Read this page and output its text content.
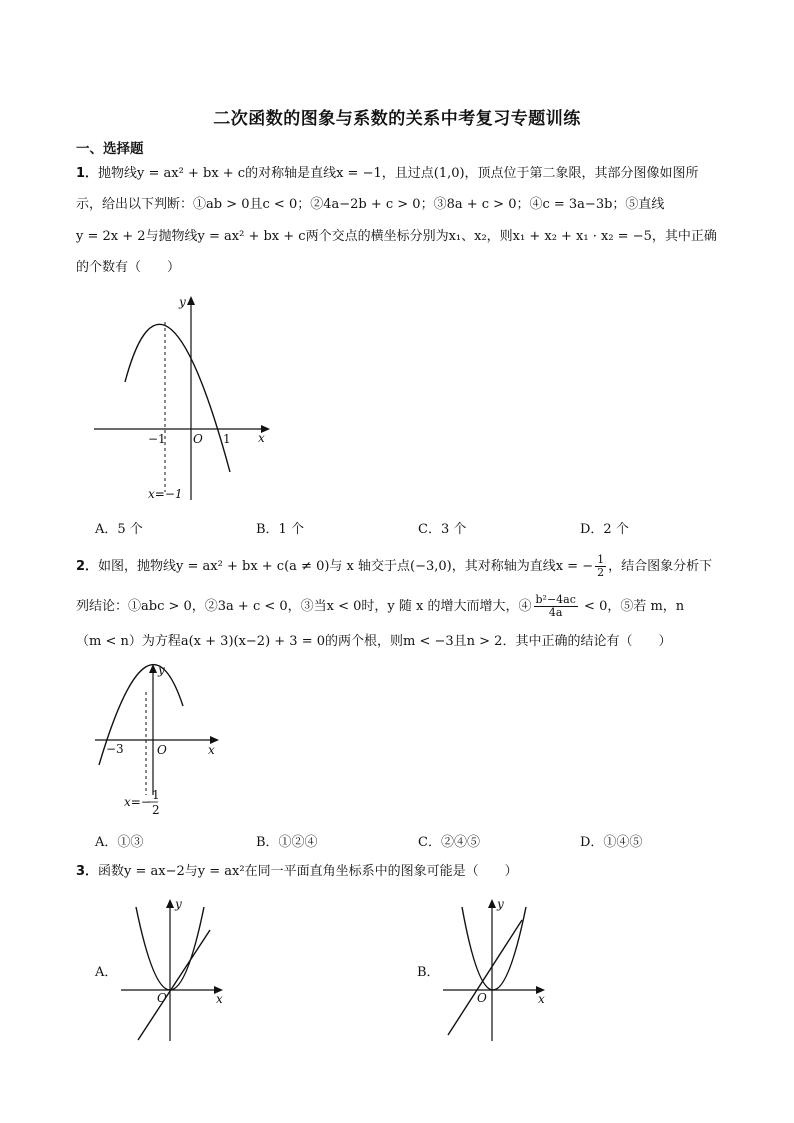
二次函数的图象与系数的关系中考复习专题训练
一、选择题
1．抛物线y = ax² + bx + c的对称轴是直线x = −1，且过点(1,0)，顶点位于第二象限，其部分图像如图所
示，给出以下判断：①ab > 0且c < 0；②4a−2b + c > 0；③8a + c > 0；④c = 3a−3b；⑤直线
y = 2x + 2与抛物线y = ax² + bx + c两个交点的横坐标分别为x₁、x₂，则x₁ + x₂ + x₁ · x₂ = −5，其中正确
的个数有（　　）
y
x
O
−1	1
x=−1
A．5 个	B．1 个	C．3 个	D．2 个
2．如图，抛物线y = ax² + bx + c(a ≠ 0)与 x 轴交于点(−3,0)，其对称轴为直线x = − $\frac{1}{2}$ ，结合图象分析下
列结论：①abc > 0，②3a + c < 0，③当x < 0时，y 随 x 的增大而增大，④ $\frac{\text{b²−4ac}}{4a} < 0$，⑤若 m，n
（m < n）为方程a(x + 3)(x−2) + 3 = 0的两个根，则m < −3且n > 2．其中正确的结论有（　　）
y
x
O
−3
x=− 1
2
A．①③	B．①②④	C．②④⑤	D．①④⑤
3．函数y = ax−2与y = ax²在同一平面直角坐标系中的图象可能是（　　）
A．
y
x
O
B．
y
x
O
